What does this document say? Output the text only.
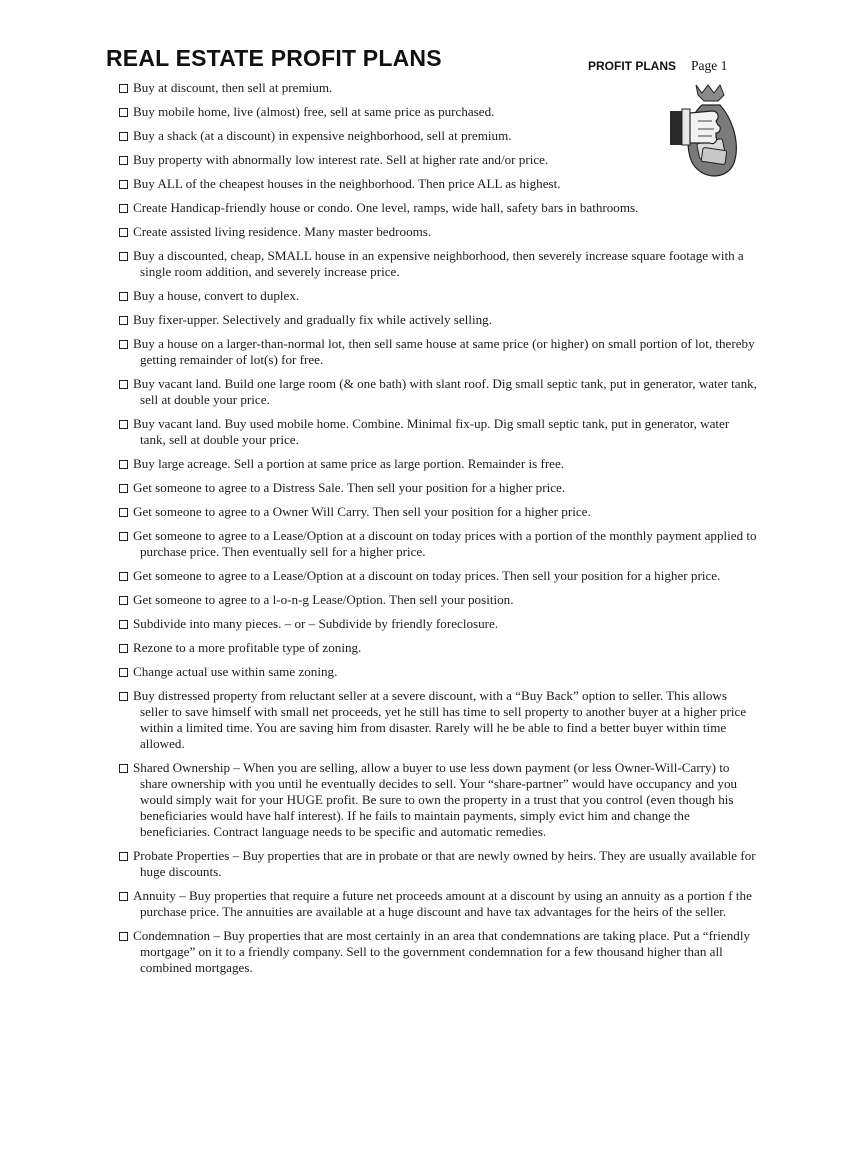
REAL ESTATE PROFIT PLANS	PROFIT PLANS Page 1
Buy at discount, then sell at premium.
Buy mobile home, live (almost) free, sell at same price as purchased.
Buy a shack (at a discount) in expensive neighborhood, sell at premium.
Buy property with abnormally low interest rate. Sell at higher rate and/or price.
Buy ALL of the cheapest houses in the neighborhood. Then price ALL as highest.
Create Handicap-friendly house or condo. One level, ramps, wide hall, safety bars in bathrooms.
Create assisted living residence. Many master bedrooms.
Buy a discounted, cheap, SMALL house in an expensive neighborhood, then severely increase square footage with a single room addition, and severely increase price.
Buy a house, convert to duplex.
Buy fixer-upper. Selectively and gradually fix while actively selling.
Buy a house on a larger-than-normal lot, then sell same house at same price (or higher) on small portion of lot, thereby getting remainder of lot(s) for free.
Buy vacant land. Build one large room (& one bath) with slant roof. Dig small septic tank, put in generator, water tank, sell at double your price.
Buy vacant land. Buy used mobile home. Combine. Minimal fix-up. Dig small septic tank, put in generator, water tank, sell at double your price.
Buy large acreage. Sell a portion at same price as large portion. Remainder is free.
Get someone to agree to a Distress Sale. Then sell your position for a higher price.
Get someone to agree to a Owner Will Carry. Then sell your position for a higher price.
Get someone to agree to a Lease/Option at a discount on today prices with a portion of the monthly payment applied to purchase price. Then eventually sell for a higher price.
Get someone to agree to a Lease/Option at a discount on today prices. Then sell your position for a higher price.
Get someone to agree to a l-o-n-g Lease/Option. Then sell your position.
Subdivide into many pieces. – or – Subdivide by friendly foreclosure.
Rezone to a more profitable type of zoning.
Change actual use within same zoning.
Buy distressed property from reluctant seller at a severe discount, with a “Buy Back” option to seller. This allows seller to save himself with small net proceeds, yet he still has time to sell property to another buyer at a higher price within a limited time. You are saving him from disaster. Rarely will he be able to find a better buyer within time allowed.
Shared Ownership – When you are selling, allow a buyer to use less down payment (or less Owner-Will-Carry) to share ownership with you until he eventually decides to sell. Your “share-partner” would have occupancy and you would simply wait for your HUGE profit. Be sure to own the property in a trust that you control (even though his beneficiaries would have half interest). If he fails to maintain payments, simply evict him and change the beneficiaries. Contract language needs to be specific and automatic remedies.
Probate Properties – Buy properties that are in probate or that are newly owned by heirs. They are usually available for huge discounts.
Annuity – Buy properties that require a future net proceeds amount at a discount by using an annuity as a portion f the purchase price. The annuities are available at a huge discount and have tax advantages for the heirs of the seller.
Condemnation – Buy properties that are most certainly in an area that condemnations are taking place. Put a “friendly mortgage” on it to a friendly company. Sell to the government condemnation for a few thousand higher than all combined mortgages.
